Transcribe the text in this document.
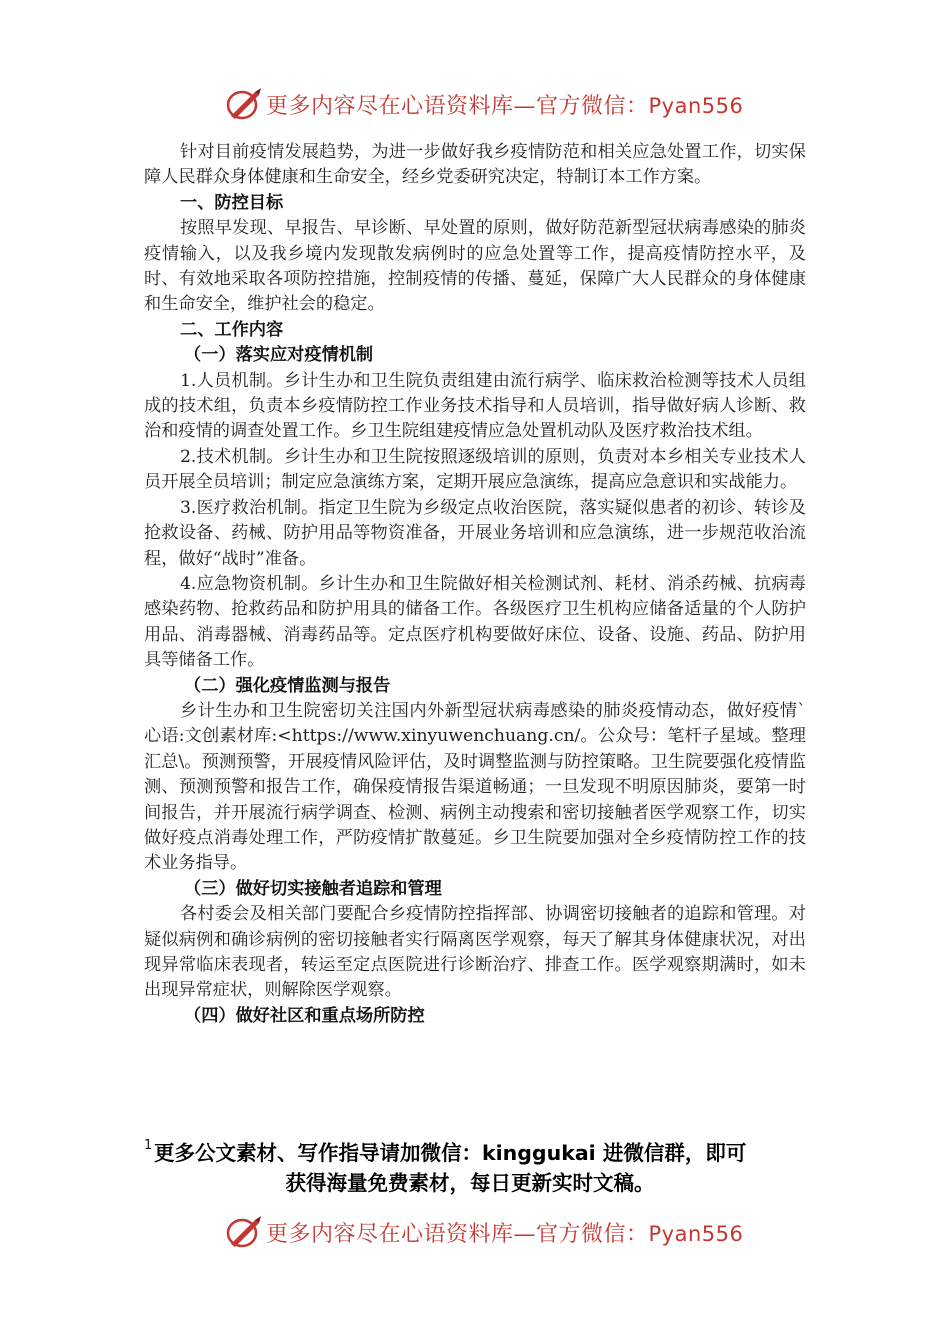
更多内容尽在心语资料库—官方微信：Pyan556

针对目前疫情发展趋势，为进一步做好我乡疫情防范和相关应急处置工作，切实保障人民群众身体健康和生命安全，经乡党委研究决定，特制订本工作方案。

一、防控目标

按照早发现、早报告、早诊断、早处置的原则，做好防范新型冠状病毒感染的肺炎疫情输入，以及我乡境内发现散发病例时的应急处置等工作，提高疫情防控水平，及时、有效地采取各项防控措施，控制疫情的传播、蔓延，保障广大人民群众的身体健康和生命安全，维护社会的稳定。

二、工作内容

（一）落实应对疫情机制

1.人员机制。乡计生办和卫生院负责组建由流行病学、临床救治检测等技术人员组成的技术组，负责本乡疫情防控工作业务技术指导和人员培训，指导做好病人诊断、救治和疫情的调查处置工作。乡卫生院组建疫情应急处置机动队及医疗救治技术组。

2.技术机制。乡计生办和卫生院按照逐级培训的原则，负责对本乡相关专业技术人员开展全员培训；制定应急演练方案，定期开展应急演练，提高应急意识和实战能力。

3.医疗救治机制。指定卫生院为乡级定点收治医院，落实疑似患者的初诊、转诊及抢救设备、药械、防护用品等物资准备，开展业务培训和应急演练，进一步规范收治流程，做好“战时”准备。

4.应急物资机制。乡计生办和卫生院做好相关检测试剂、耗材、消杀药械、抗病毒感染药物、抢救药品和防护用具的储备工作。各级医疗卫生机构应储备适量的个人防护用品、消毒器械、消毒药品等。定点医疗机构要做好床位、设备、设施、药品、防护用具等储备工作。

（二）强化疫情监测与报告

乡计生办和卫生院密切关注国内外新型冠状病毒感染的肺炎疫情动态，做好疫情`心语:文创素材库:<https://www.xinyuwenchuang.cn/。公众号：笔杆子星域。整理汇总\。预测预警，开展疫情风险评估，及时调整监测与防控策略。卫生院要强化疫情监测、预测预警和报告工作，确保疫情报告渠道畅通；一旦发现不明原因肺炎，要第一时间报告，并开展流行病学调查、检测、病例主动搜索和密切接触者医学观察工作，切实做好疫点消毒处理工作，严防疫情扩散蔓延。乡卫生院要加强对全乡疫情防控工作的技术业务指导。

（三）做好切实接触者追踪和管理

各村委会及相关部门要配合乡疫情防控指挥部、协调密切接触者的追踪和管理。对疑似病例和确诊病例的密切接触者实行隔离医学观察，每天了解其身体健康状况，对出现异常临床表现者，转运至定点医院进行诊断治疗、排查工作。医学观察期满时，如未出现异常症状，则解除医学观察。

（四）做好社区和重点场所防控

1 更多公文素材、写作指导请加微信：kinggukai 进微信群，即可
获得海量免费素材，每日更新实时文稿。
更多内容尽在心语资料库—官方微信：Pyan556
